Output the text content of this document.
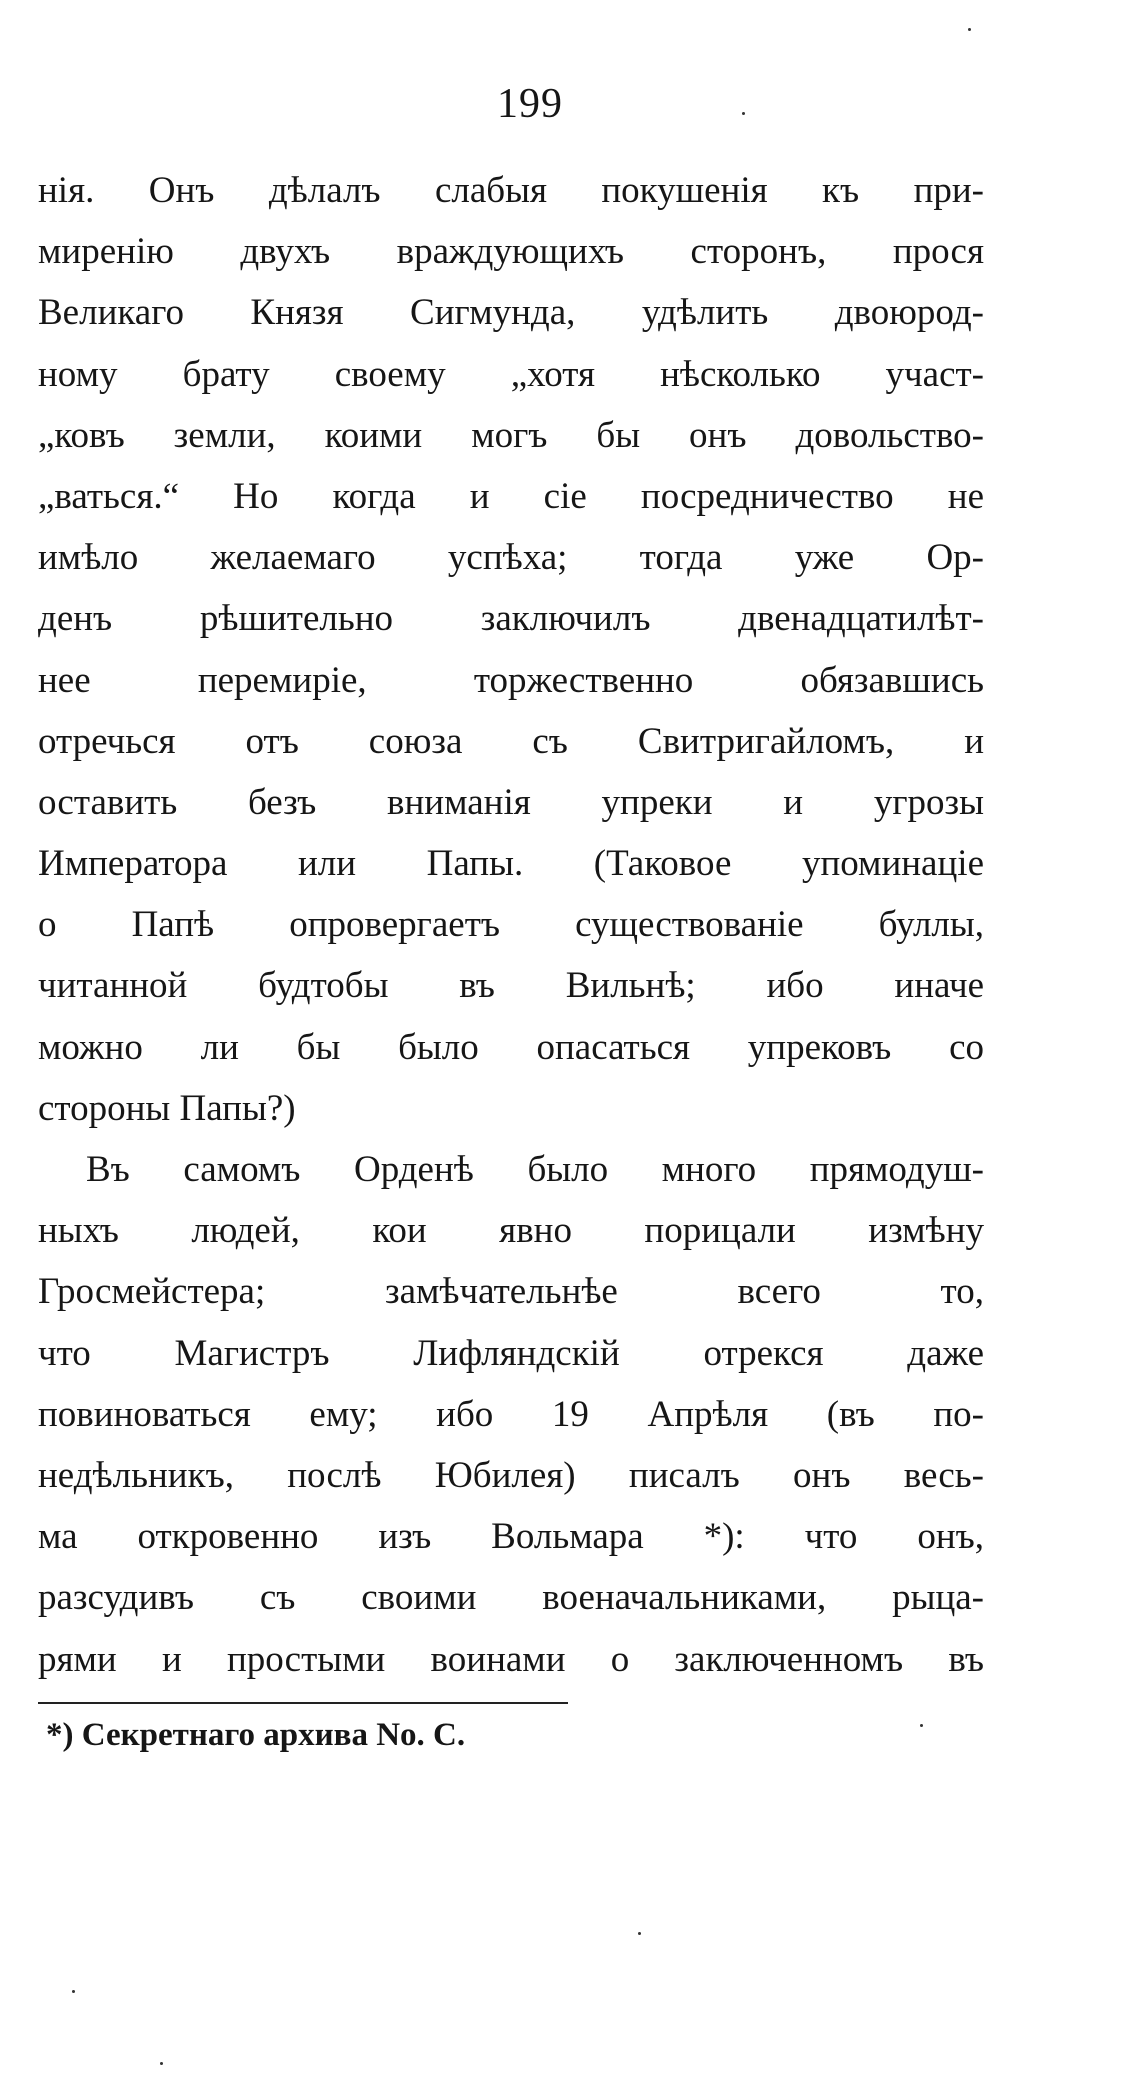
199
нія. Онъ дѣлалъ слабыя покушенія къ при-
миренію двухъ враждующихъ сторонъ, прося
Великаго Князя Сигмунда, удѣлить двоюрод-
ному брату своему „хотя нѣсколько участ-
„ковъ земли, коими могъ бы онъ довольство-
„ваться.“ Но когда и сіе посредничество не
имѣло желаемаго успѣха; тогда уже Ор-
денъ рѣшительно заключилъ двенадцатилѣт-
нее перемиріе, торжественно обязавшись
отречься отъ союза съ Свитригайломъ, и
оставить безъ вниманія упреки и угрозы
Императора или Папы. (Таковое упоминаціе
о Папѣ опровергаетъ существованіе буллы,
читанной будтобы въ Вильнѣ; ибо иначе
можно ли бы было опасаться упрековъ со
стороны Папы?)
Въ самомъ Орденѣ было много прямодуш-
ныхъ людей, кои явно порицали измѣну
Гросмейстера; замѣчательнѣе всего то,
что Магистръ Лифляндскій отрекся даже
повиноваться ему; ибо 19 Апрѣля (въ по-
недѣльникъ, послѣ Юбилея) писалъ онъ весь-
ма откровенно изъ Вольмара *): что онъ,
разсудивъ съ своими военачальниками, рыца-
рями и простыми воинами о заключенномъ въ
*) Секретнаго архива No. C.
